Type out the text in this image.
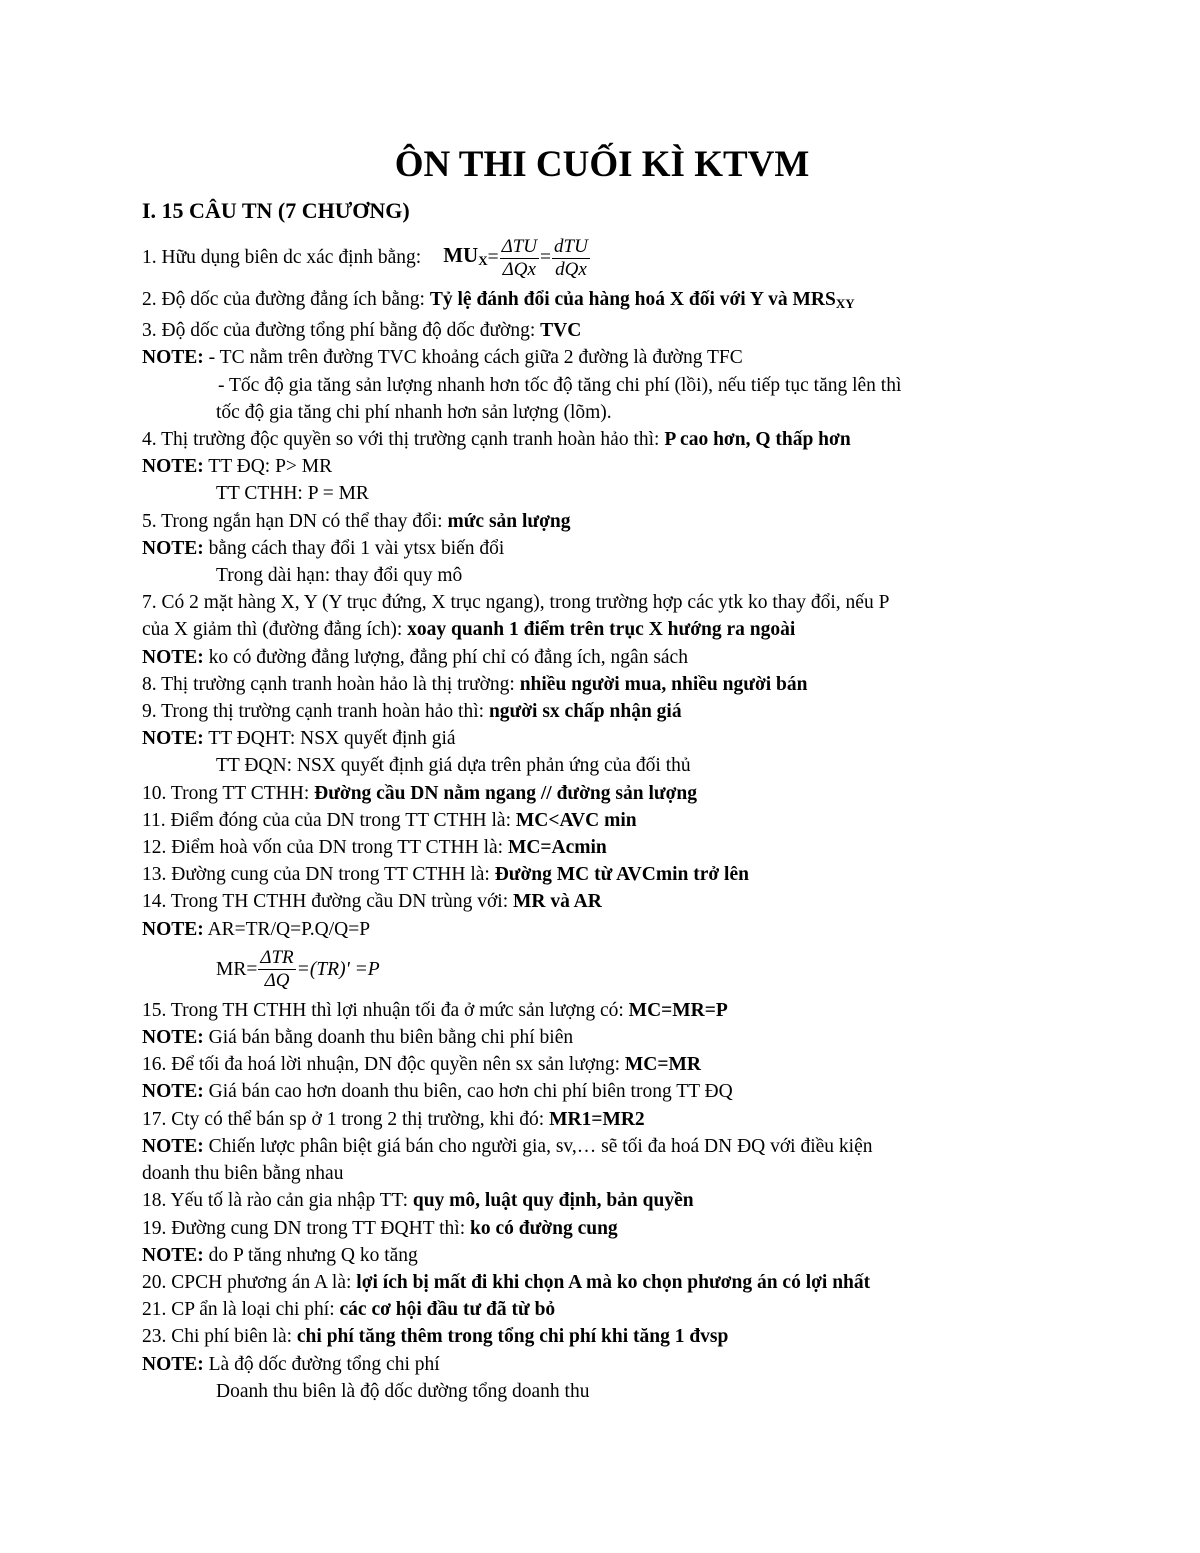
ÔN THI CUỐI KÌ KTVM
I. 15 CÂU TN (7 CHƯƠNG)
1. Hữu dụng biên dc xác định bằng: $MU_X = \frac{\text{ΔTU}}{\text{ΔQx}} = \frac{\text{dTU}}{\text{dQx}}$
2. Độ dốc của đường đẳng ích bằng: Tỷ lệ đánh đổi của hàng hoá X đối với Y và $MRS_{XY}$
3. Độ dốc của đường tổng phí bằng độ dốc đường: TVC
NOTE: - TC nằm trên đường TVC khoảng cách giữa 2 đường là đường TFC
- Tốc độ gia tăng sản lượng nhanh hơn tốc độ tăng chi phí (lồi), nếu tiếp tục tăng lên thì
tốc độ gia tăng chi phí nhanh hơn sản lượng (lõm).
4. Thị trường độc quyền so với thị trường cạnh tranh hoàn hảo thì: P cao hơn, Q thấp hơn
NOTE: TT ĐQ: P> MR
TT CTHH: P = MR
5. Trong ngắn hạn DN có thể thay đổi: mức sản lượng
NOTE: bằng cách thay đổi 1 vài ytsx biến đổi
Trong dài hạn: thay đổi quy mô
7. Có 2 mặt hàng X, Y (Y trục đứng, X trục ngang), trong trường hợp các ytk ko thay đổi, nếu P
của X giảm thì (đường đẳng ích): xoay quanh 1 điểm trên trục X hướng ra ngoài
NOTE: ko có đường đẳng lượng, đẳng phí chỉ có đẳng ích, ngân sách
8. Thị trường cạnh tranh hoàn hảo là thị trường: nhiều người mua, nhiều người bán
9. Trong thị trường cạnh tranh hoàn hảo thì: người sx chấp nhận giá
NOTE: TT ĐQHT: NSX quyết định giá
TT ĐQN: NSX quyết định giá dựa trên phản ứng của đối thủ
10. Trong TT CTHH: Đường cầu DN nằm ngang // đường sản lượng
11. Điểm đóng của của DN trong TT CTHH là: MC<AVC min
12. Điểm hoà vốn của DN trong TT CTHH là: MC=Acmin
13. Đường cung của DN trong TT CTHH là: Đường MC từ AVCmin trở lên
14. Trong TH CTHH đường cầu DN trùng với: MR và AR
NOTE: AR=TR/Q=P.Q/Q=P
$MR= \frac{\text{ΔTR}}{\Delta Q} =(TR)' =P$
15. Trong TH CTHH thì lợi nhuận tối đa ở mức sản lượng có: MC=MR=P
NOTE: Giá bán bằng doanh thu biên bằng chi phí biên
16. Để tối đa hoá lời nhuận, DN độc quyền nên sx sản lượng: MC=MR
NOTE: Giá bán cao hơn doanh thu biên, cao hơn chi phí biên trong TT ĐQ
17. Cty có thể bán sp ở 1 trong 2 thị trường, khi đó: MR1=MR2
NOTE: Chiến lược phân biệt giá bán cho người gia, sv,… sẽ tối đa hoá DN ĐQ với điều kiện
doanh thu biên bằng nhau
18. Yếu tố là rào cản gia nhập TT: quy mô, luật quy định, bản quyền
19. Đường cung DN trong TT ĐQHT thì: ko có đường cung
NOTE: do P tăng nhưng Q ko tăng
20. CPCH phương án A là: lợi ích bị mất đi khi chọn A mà ko chọn phương án có lợi nhất
21. CP ẩn là loại chi phí: các cơ hội đầu tư đã từ bỏ
23. Chi phí biên là: chi phí tăng thêm trong tổng chi phí khi tăng 1 đvsp
NOTE: Là độ dốc đường tổng chi phí
Doanh thu biên là độ dốc dường tổng doanh thu
